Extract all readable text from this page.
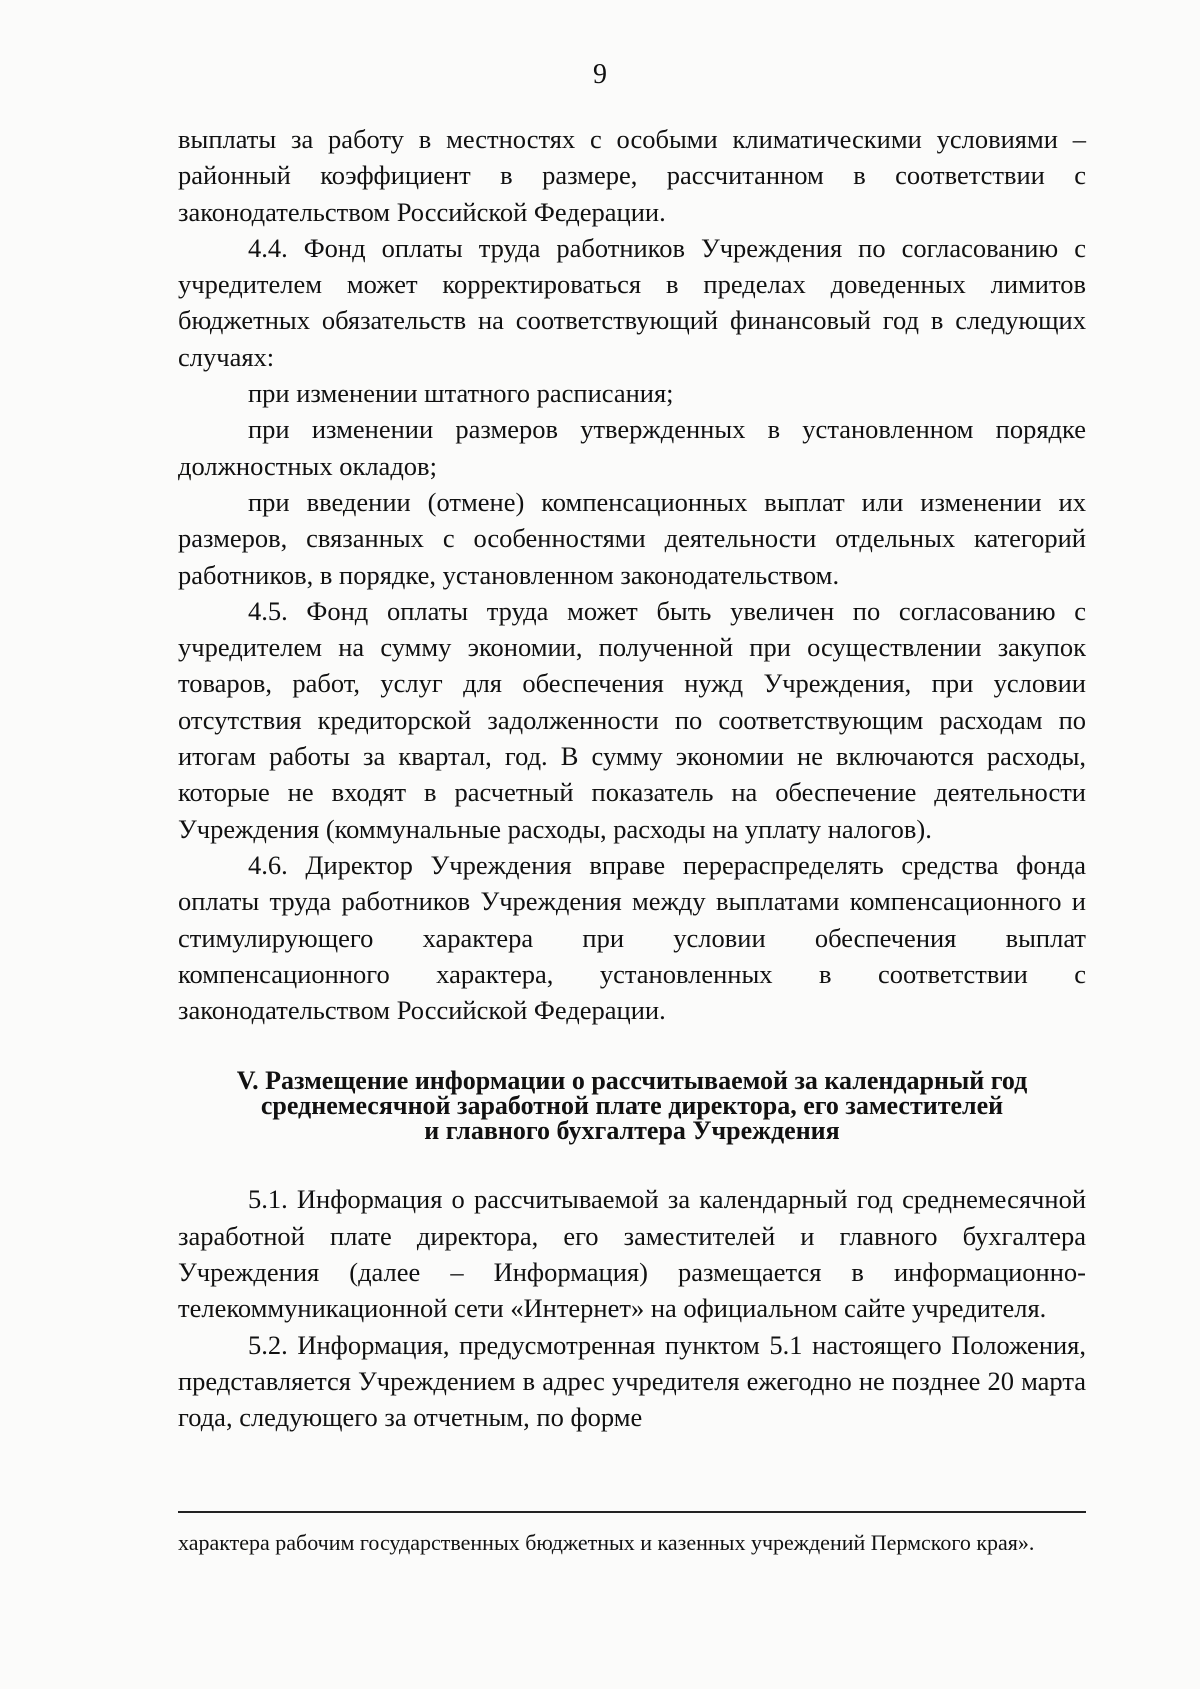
9

выплаты за работу в местностях с особыми климатическими условиями – районный коэффициент в размере, рассчитанном в соответствии с законодательством Российской Федерации.

4.4. Фонд оплаты труда работников Учреждения по согласованию с учредителем может корректироваться в пределах доведенных лимитов бюджетных обязательств на соответствующий финансовый год в следующих случаях:

при изменении штатного расписания;

при изменении размеров утвержденных в установленном порядке должностных окладов;

при введении (отмене) компенсационных выплат или изменении их размеров, связанных с особенностями деятельности отдельных категорий работников, в порядке, установленном законодательством.

4.5. Фонд оплаты труда может быть увеличен по согласованию с учредителем на сумму экономии, полученной при осуществлении закупок товаров, работ, услуг для обеспечения нужд Учреждения, при условии отсутствия кредиторской задолженности по соответствующим расходам по итогам работы за квартал, год. В сумму экономии не включаются расходы, которые не входят в расчетный показатель на обеспечение деятельности Учреждения (коммунальные расходы, расходы на уплату налогов).

4.6. Директор Учреждения вправе перераспределять средства фонда оплаты труда работников Учреждения между выплатами компенсационного и стимулирующего характера при условии обеспечения выплат компенсационного характера, установленных в соответствии с законодательством Российской Федерации.

V. Размещение информации о рассчитываемой за календарный год
среднемесячной заработной плате директора, его заместителей
и главного бухгалтера Учреждения

5.1. Информация о рассчитываемой за календарный год среднемесячной заработной плате директора, его заместителей и главного бухгалтера Учреждения (далее – Информация) размещается в информационно-телекоммуникационной сети «Интернет» на официальном сайте учредителя.

5.2. Информация, предусмотренная пунктом 5.1 настоящего Положения, представляется Учреждением в адрес учредителя ежегодно не позднее 20 марта года, следующего за отчетным, по форме

характера рабочим государственных бюджетных и казенных учреждений Пермского края».
